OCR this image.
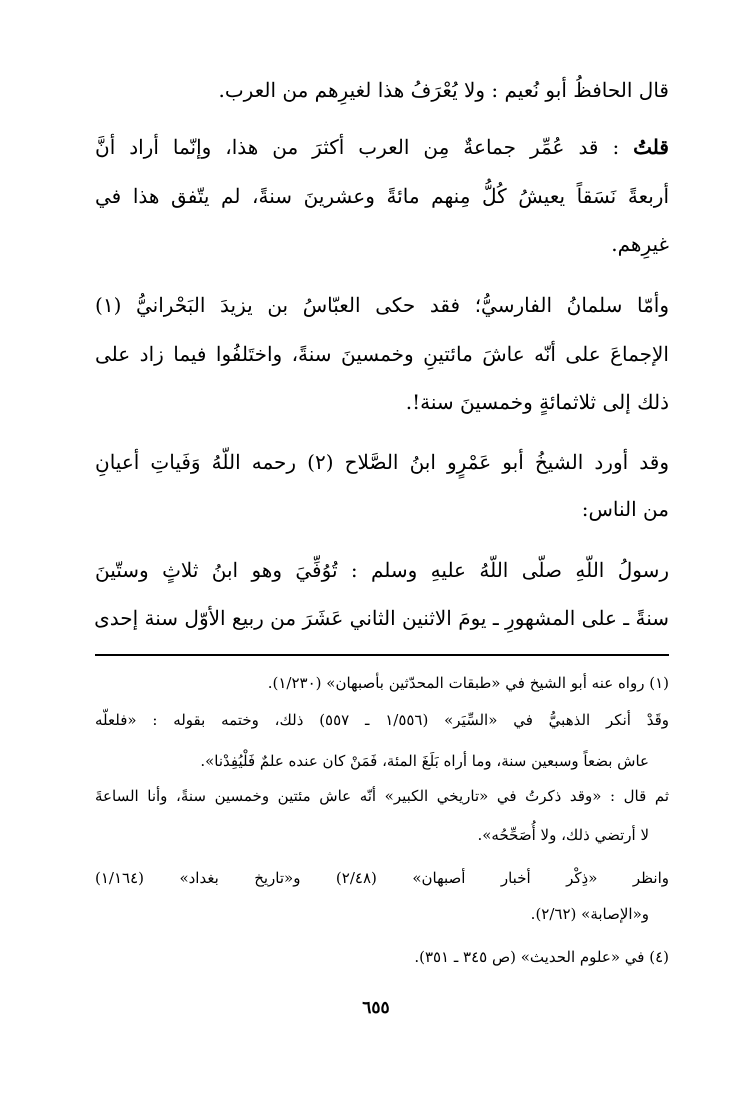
قال الحافظُ أبو نُعيم : ولا يُعْرَفُ هذا لغيرِهم من العرب.
قلتُ : قد عُمِّر جماعةٌ مِن العرب أكثرَ من هذا، وإنّما أراد أنَّ
أربعةً نَسَقاً يعيشُ كُلُّ مِنهم مائةً وعشرينَ سنةً، لم يتّفق هذا في
غيرِهم.
وأمّا سلمانُ الفارسيُّ؛ فقد حكى العبّاسُ بن يزيدَ البَحْرانيُّ (١)
الإجماعَ على أنّه عاشَ مائتينِ وخمسينَ سنةً، واختَلفُوا فيما زاد على
ذلك إلى ثلاثمائةٍ وخمسينَ سنة!.
وقد أورد الشيخُ أبو عَمْرٍو ابنُ الصَّلاح (٢) رحمه اللّهُ وَفَياتِ أعيانِ
من الناس:
رسولُ اللّهِ صلّى اللّهُ عليهِ وسلم : تُوُفِّيَ وهو ابنُ ثلاثٍ وستّينَ
سنةً ـ على المشهورِ ـ يومَ الاثنين الثاني عَشَرَ من ربيع الأوّل سنة إحدى
(١) رواه عنه أبو الشيخ في «طبقات المحدّثين بأصبهان» (١/٢٣٠).
وقَدْ أنكر الذهبيُّ في «السِّيَر» (١/٥٥٦ ـ ٥٥٧) ذلك، وختمه بقوله : «فلعلّه
عاش بضعاً وسبعين سنة، وما أراه بَلَغَ المئة، فَمَنْ كان عنده علمٌ فَلْيُفِدْنا».
ثم قال : «وقد ذكرتُ في «تاريخي الكبير» أنّه عاش مئتين وخمسين سنةً، وأنا الساعةَ
لا أرتضي ذلك، ولا أُصَحِّحُه».
وانظر «ذِكْر أخبار أصبهان» (٢/٤٨) و«تاريخ بغداد» (١/١٦٤)
و«الإصابة» (٢/٦٢).
(٤) في «علوم الحديث» (ص ٣٤٥ ـ ٣٥١).
٦٥٥
